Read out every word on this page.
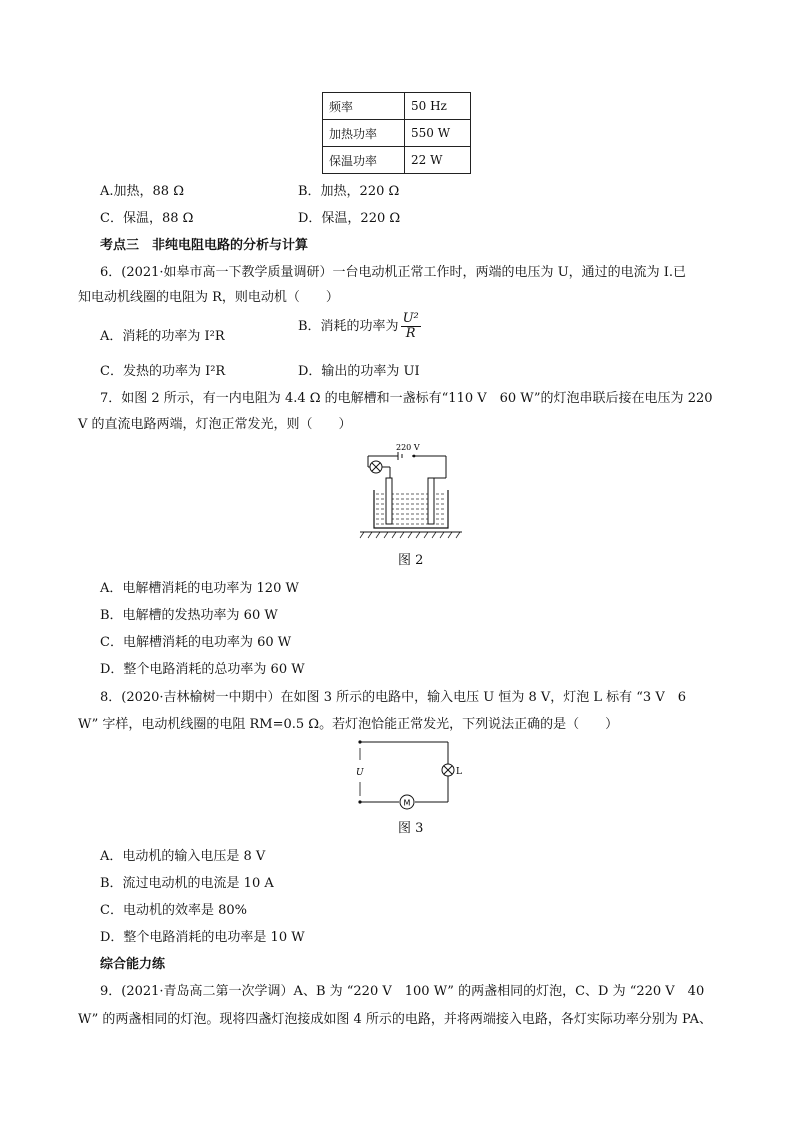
频率	50 Hz
加热功率	550 W
保温功率	22 W
A.加热，88 Ω	B．加热，220 Ω
C．保温，88 Ω	D．保温，220 Ω
考点三　非纯电阻电路的分析与计算
6．(2021·如皋市高一下教学质量调研）一台电动机正常工作时，两端的电压为 U，通过的电流为 I.已
知电动机线圈的电阻为 R，则电动机（　　）
A．消耗的功率为 I²R
B．消耗的功率为 $\frac{\text{U²}}{R}$
C．发热的功率为 I²R	D．输出的功率为 UI
7．如图 2 所示，有一内电阻为 4.4 Ω 的电解槽和一盏标有“110 V　60 W”的灯泡串联后接在电压为 220
V 的直流电路两端，灯泡正常发光，则（　　）
220 V
图 2
A．电解槽消耗的电功率为 120 W
B．电解槽的发热功率为 60 W
C．电解槽消耗的电功率为 60 W
D．整个电路消耗的总功率为 60 W
8．(2020·吉林榆树一中期中）在如图 3 所示的电路中，输入电压 U 恒为 8 V，灯泡 L 标有 “3 V　6
W” 字样，电动机线圈的电阻 RM=0.5 Ω。若灯泡恰能正常发光，下列说法正确的是（　　）
U	L
M
图 3
A．电动机的输入电压是 8 V
B．流过电动机的电流是 10 A
C．电动机的效率是 80%
D．整个电路消耗的电功率是 10 W
综合能力练
9．(2021·青岛高二第一次学调）A、B 为 “220 V　100 W” 的两盏相同的灯泡，C、D 为 “220 V　40
W” 的两盏相同的灯泡。现将四盏灯泡接成如图 4 所示的电路，并将两端接入电路，各灯实际功率分别为 PA、
